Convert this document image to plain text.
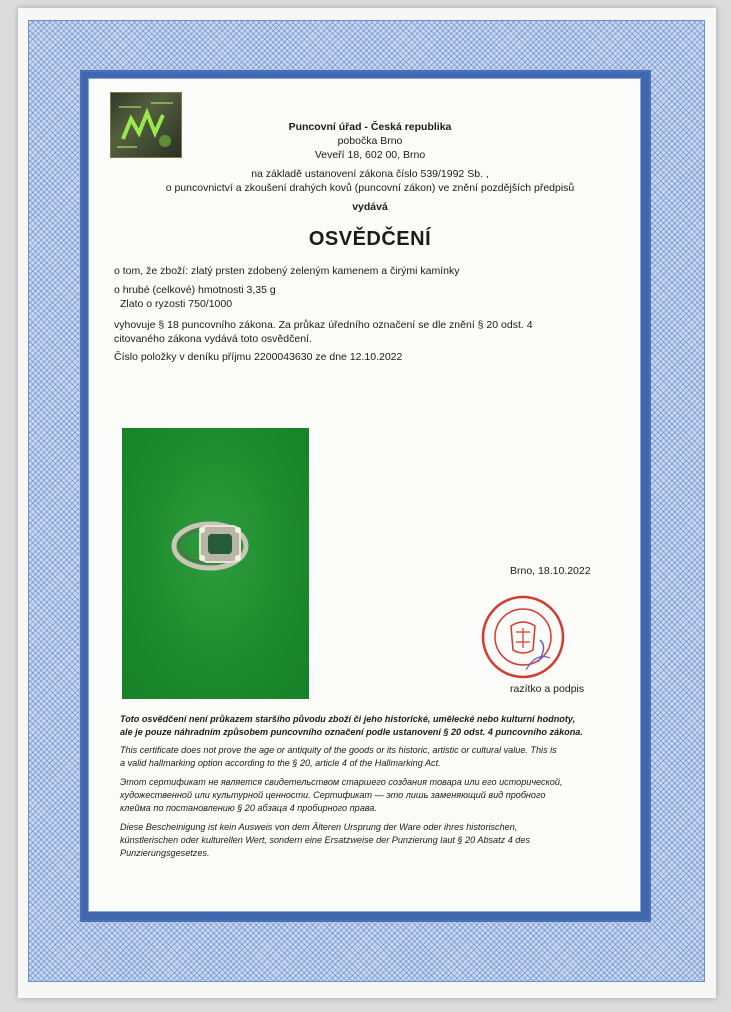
Puncovní úřad - Česká republika
pobočka Brno
Veveří 18, 602 00, Brno
na základě ustanovení zákona číslo 539/1992 Sb. ,
o puncovnictví a zkoušení drahých kovů (puncovní zákon) ve znění pozdějších předpisů
vydává
OSVĚDČENÍ
o tom, že zboží: zlatý prsten zdobený zeleným kamenem a čirými kamínky
o hrubé (celkové) hmotnosti 3,35 g
Zlato o ryzosti 750/1000
vyhovuje § 18 puncovního zákona. Za průkaz úředního označení se dle znění § 20 odst. 4
citovaného zákona vydává toto osvědčení.
Číslo položky v deníku příjmu 2200043630 ze dne 12.10.2022
Brno, 18.10.2022
razítko a podpis
Toto osvědčení není průkazem staršího původu zboží či jeho historické, umělecké nebo kulturní hodnoty,
ale je pouze náhradním způsobem puncovního označení podle ustanovení § 20 odst. 4 puncovního zákona.
This certificate does not prove the age or antiquity of the goods or its historic, artistic or cultural value. This is
a valid hallmarking option according to the § 20, article 4 of the Hallmarking Act.
Этот сертификат не является свидетельством старшего создания товара или его исторической,
художественной или культурной ценности. Сертификат — это лишь заменяющий вид пробного
клейма по постановлению § 20 абзаца 4 пробирного права.
Diese Bescheinigung ist kein Ausweis von dem Älteren Ursprung der Ware oder ihres historischen,
künstlerischen oder kulturellen Wert, sondern eine Ersatzweise der Punzierung laut § 20 Absatz 4 des
Punzierungsgesetzes.
